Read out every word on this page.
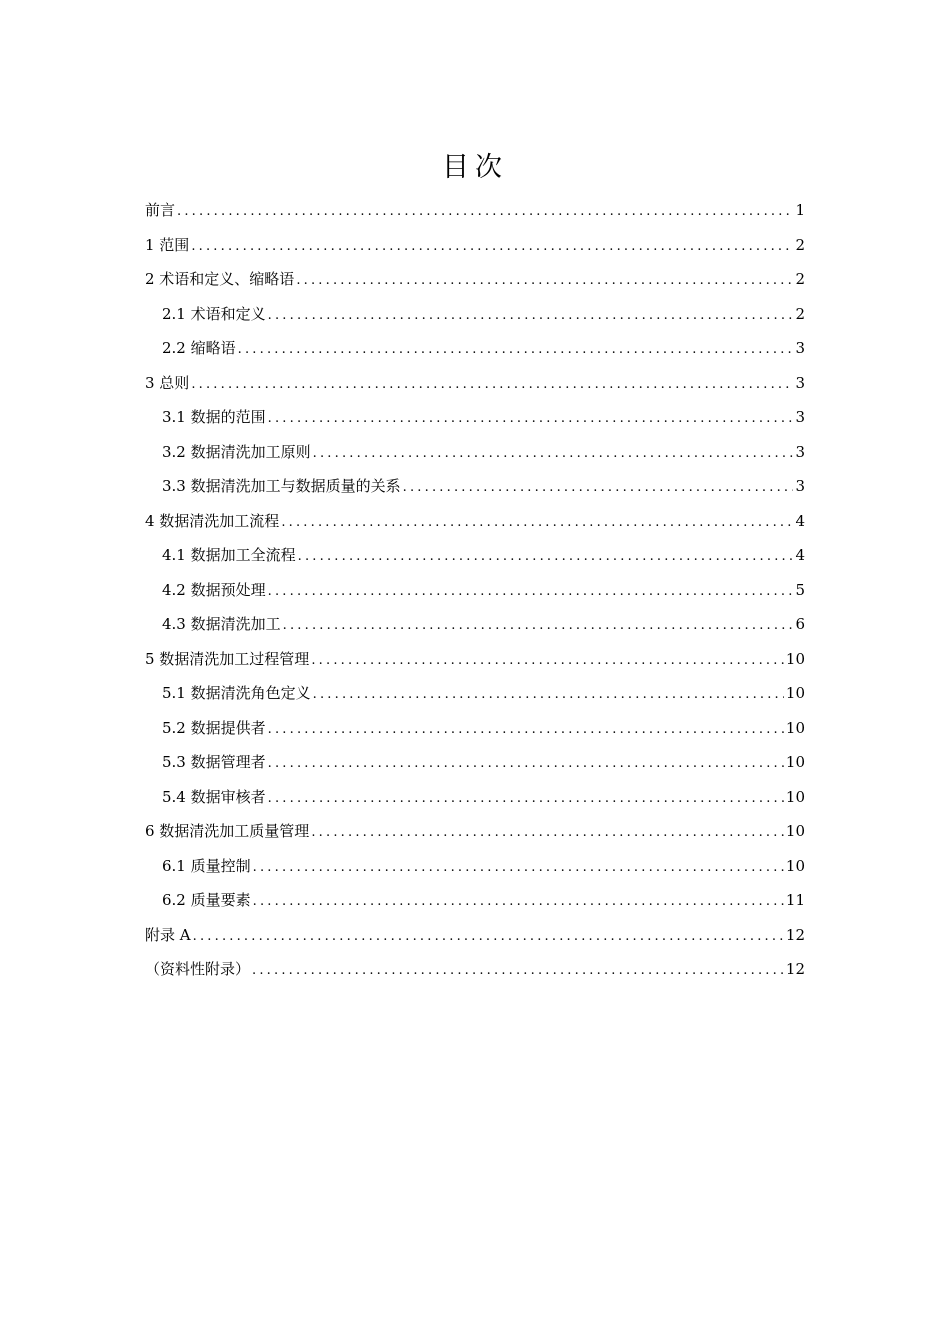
目次
前言 .....	1
1 范围 .....	2
2 术语和定义、缩略语 .....	2
2.1 术语和定义 .....	2
2.2 缩略语 .....	3
3 总则 .....	3
3.1 数据的范围 .....	3
3.2 数据清洗加工原则 .....	3
3.3 数据清洗加工与数据质量的关系 .....	3
4 数据清洗加工流程 .....	4
4.1 数据加工全流程 .....	4
4.2 数据预处理 .....	5
4.3 数据清洗加工 .....	6
5 数据清洗加工过程管理 .....	10
5.1 数据清洗角色定义 .....	10
5.2 数据提供者 .....	10
5.3 数据管理者 .....	10
5.4 数据审核者 .....	10
6 数据清洗加工质量管理 .....	10
6.1 质量控制 .....	10
6.2 质量要素 .....	11
附录 A .....	12
（资料性附录） .....	12
